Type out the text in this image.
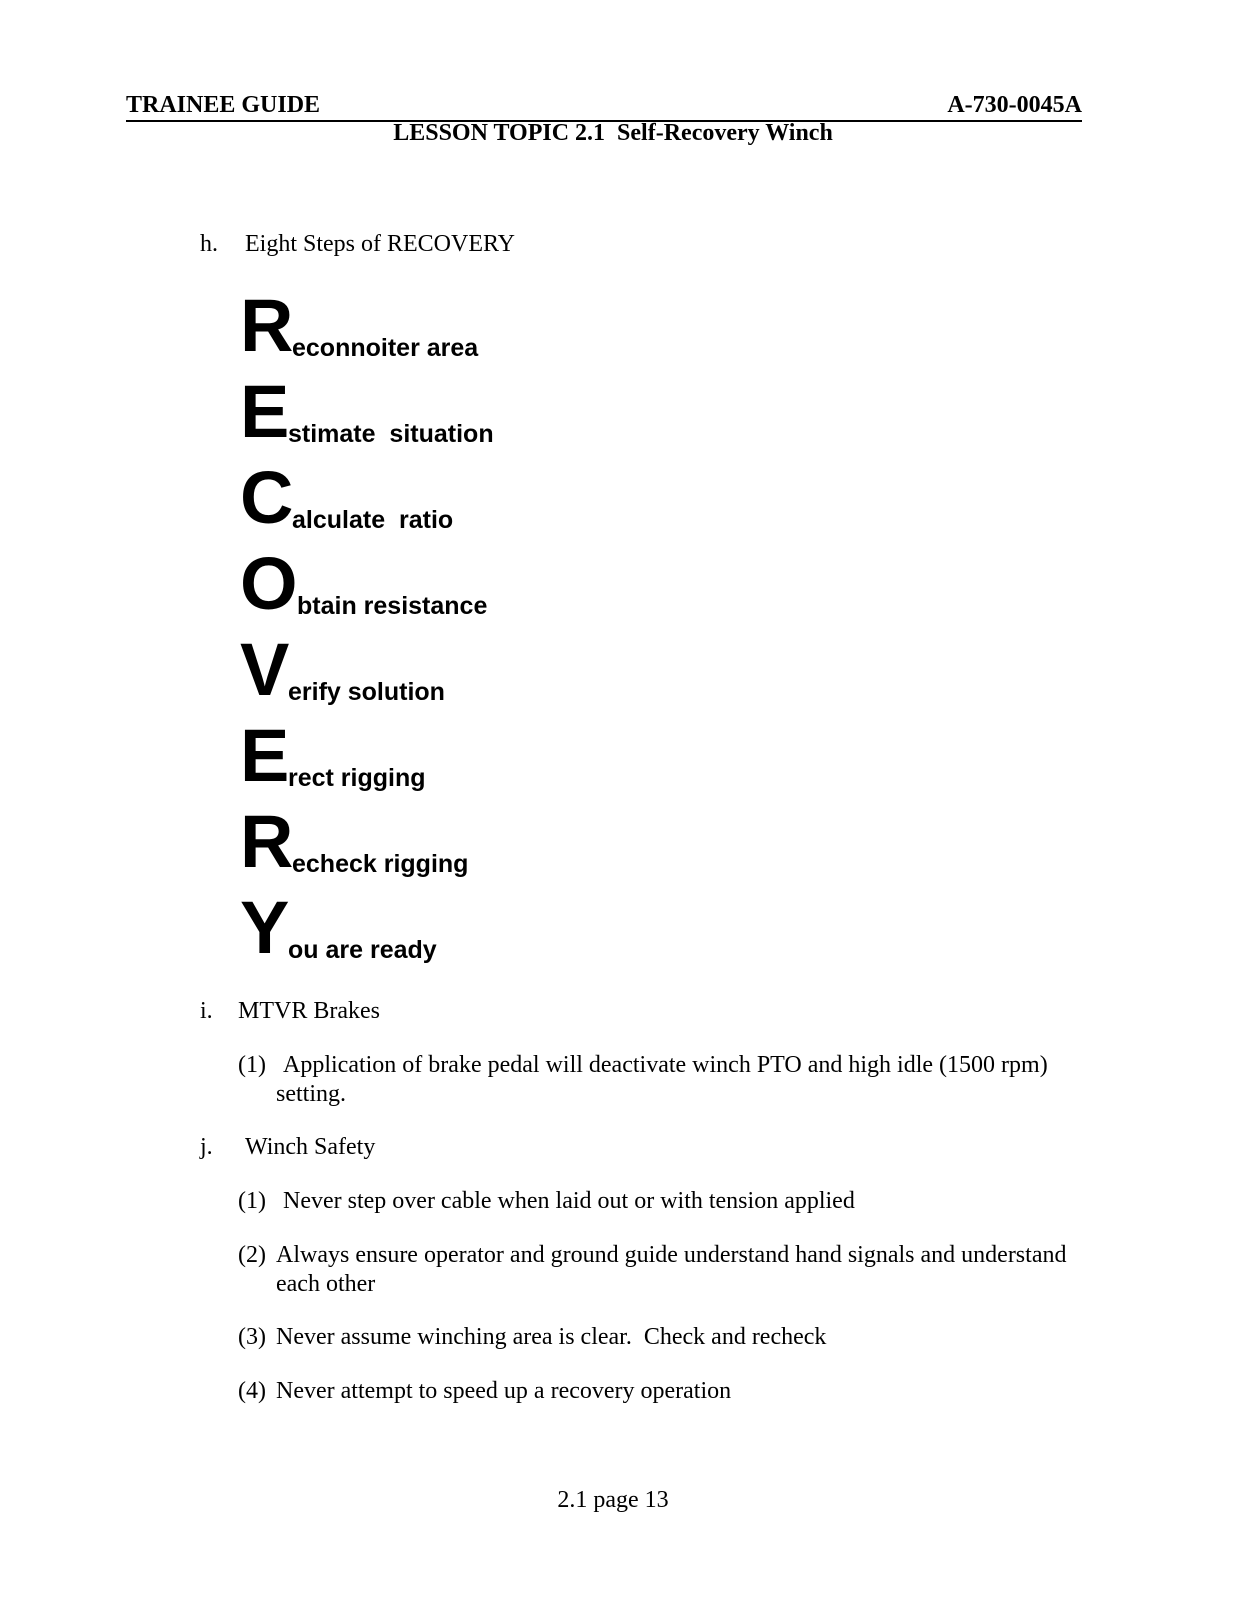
TRAINEE GUIDE	A-730-0045A
LESSON TOPIC 2.1  Self-Recovery Winch
h. Eight Steps of RECOVERY

R

econnoiter area

E

stimate  situation

C

alculate  ratio

O

btain resistance

V

erify solution

E

rect rigging

R

echeck rigging

Y

ou are ready

i. MTVR Brakes
(1) Application of brake pedal will deactivate winch PTO and high idle (1500 rpm)
setting.
j. Winch Safety
(1) Never step over cable when laid out or with tension applied
(2) Always ensure operator and ground guide understand hand signals and understand
each other
(3) Never assume winching area is clear.  Check and recheck
(4) Never attempt to speed up a recovery operation
2.1 page 13
